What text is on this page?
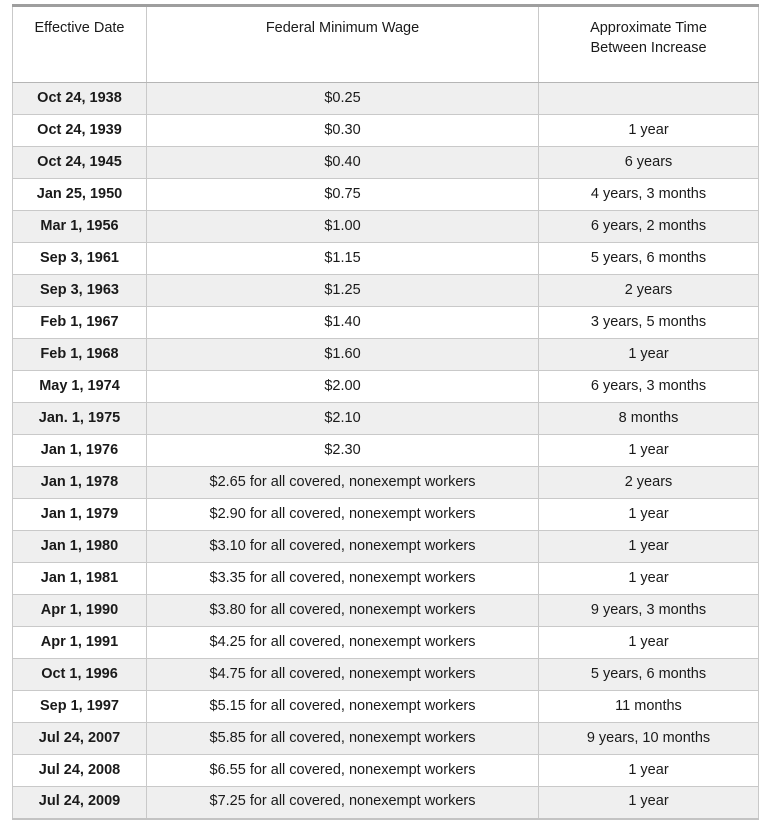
Effective Date	Federal Minimum Wage	Approximate Time
Between Increase

Oct 24, 1938	$0.25	
Oct 24, 1939	$0.30	1 year
Oct 24, 1945	$0.40	6 years
Jan 25, 1950	$0.75	4 years, 3 months
Mar 1, 1956	$1.00	6 years, 2 months
Sep 3, 1961	$1.15	5 years, 6 months
Sep 3, 1963	$1.25	2 years
Feb 1, 1967	$1.40	3 years, 5 months
Feb 1, 1968	$1.60	1 year
May 1, 1974	$2.00	6 years, 3 months
Jan. 1, 1975	$2.10	8 months
Jan 1, 1976	$2.30	1 year
Jan 1, 1978	$2.65 for all covered, nonexempt workers	2 years
Jan 1, 1979	$2.90 for all covered, nonexempt workers	1 year
Jan 1, 1980	$3.10 for all covered, nonexempt workers	1 year
Jan 1, 1981	$3.35 for all covered, nonexempt workers	1 year
Apr 1, 1990	$3.80 for all covered, nonexempt workers	9 years, 3 months
Apr 1, 1991	$4.25 for all covered, nonexempt workers	1 year
Oct 1, 1996	$4.75 for all covered, nonexempt workers	5 years, 6 months
Sep 1, 1997	$5.15 for all covered, nonexempt workers	11 months
Jul 24, 2007	$5.85 for all covered, nonexempt workers	9 years, 10 months
Jul 24, 2008	$6.55 for all covered, nonexempt workers	1 year
Jul 24, 2009	$7.25 for all covered, nonexempt workers	1 year
